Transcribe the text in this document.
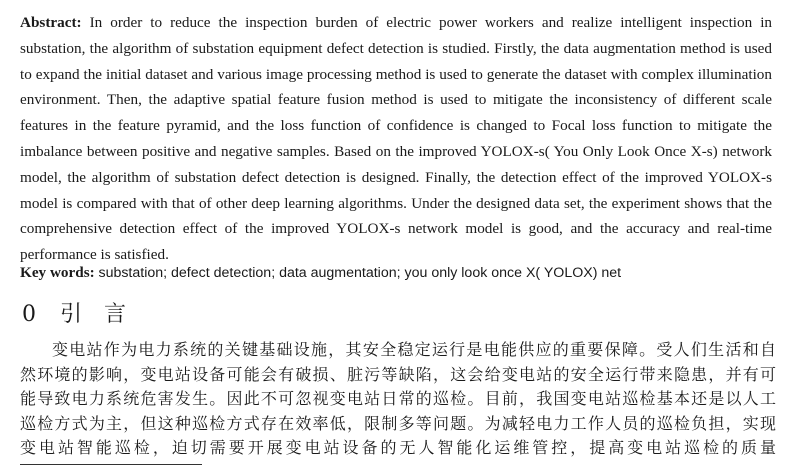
Abstract: In order to reduce the inspection burden of electric power workers and realize intelligent inspection in substation, the algorithm of substation equipment defect detection is studied. Firstly, the data augmentation method is used to expand the initial dataset and various image processing method is used to generate the dataset with complex illumination environment. Then, the adaptive spatial feature fusion method is used to mitigate the inconsistency of different scale features in the feature pyramid, and the loss function of confidence is changed to Focal loss function to mitigate the imbalance between positive and negative samples. Based on the improved YOLOX-s( You Only Look Once X-s) network model, the algorithm of substation defect detection is designed. Finally, the detection effect of the improved YOLOX-s model is compared with that of other deep learning algorithms. Under the designed data set, the experiment shows that the comprehensive detection effect of the improved YOLOX-s network model is good, and the accuracy and real-time performance is satisfied.

Key words: substation; defect detection; data augmentation; you only look once X( YOLOX) net

0 引言
变电站作为电力系统的关键基础设施，其安全稳定运行是电能供应的重要保障。受人们生活和自
然环境的影响，变电站设备可能会有破损、脏污等缺陷，这会给变电站的安全运行带来隐患，并有可
能导致电力系统危害发生。因此不可忽视变电站日常的巡检。目前，我国变电站巡检基本还是以人工
巡检方式为主，但这种巡检方式存在效率低，限制多等问题。为减轻电力工作人员的巡检负担，实现
变电站智能巡检，迫切需要开展变电站设备的无人智能化运维管控，提高变电站巡检的质量
